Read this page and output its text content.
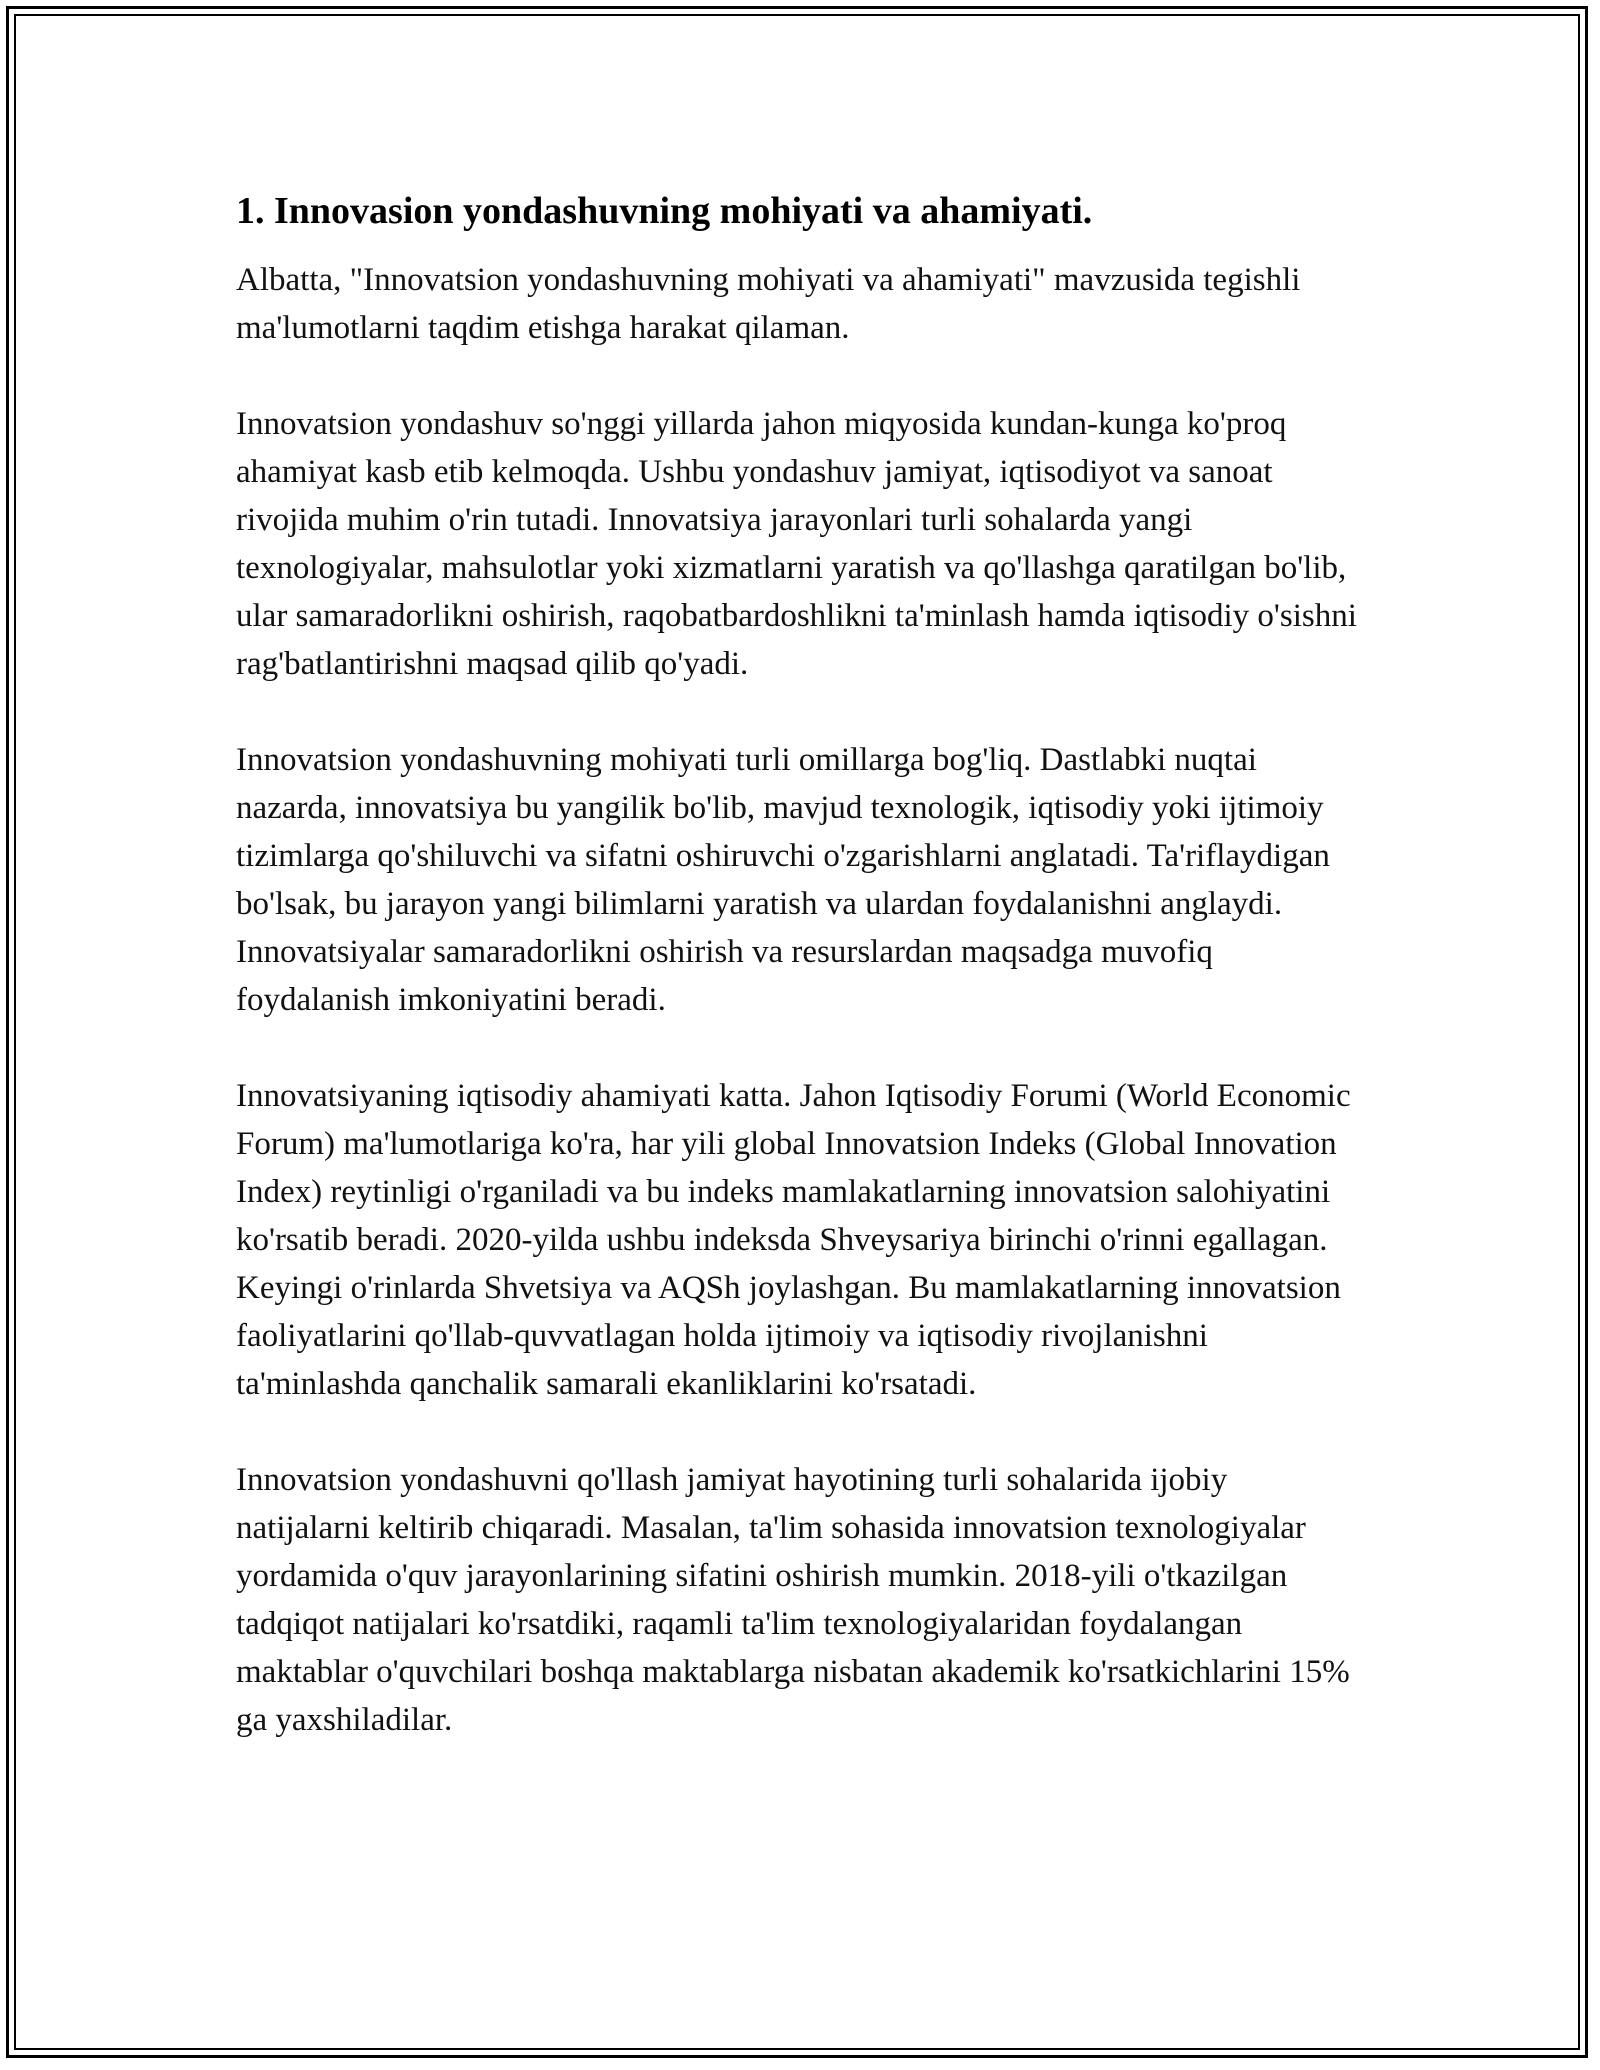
1. Innovasion yondashuvning mohiyati va ahamiyati.

Albatta, "Innovatsion yondashuvning mohiyati va ahamiyati" mavzusida tegishli ma'lumotlarni taqdim etishga harakat qilaman.

Innovatsion yondashuv so'nggi yillarda jahon miqyosida kundan-kunga ko'proq ahamiyat kasb etib kelmoqda. Ushbu yondashuv jamiyat, iqtisodiyot va sanoat rivojida muhim o'rin tutadi. Innovatsiya jarayonlari turli sohalarda yangi texnologiyalar, mahsulotlar yoki xizmatlarni yaratish va qo'llashga qaratilgan bo'lib, ular samaradorlikni oshirish, raqobatbardoshlikni ta'minlash hamda iqtisodiy o'sishni rag'batlantirishni maqsad qilib qo'yadi.

Innovatsion yondashuvning mohiyati turli omillarga bog'liq. Dastlabki nuqtai nazarda, innovatsiya bu yangilik bo'lib, mavjud texnologik, iqtisodiy yoki ijtimoiy tizimlarga qo'shiluvchi va sifatni oshiruvchi o'zgarishlarni anglatadi. Ta'riflaydigan bo'lsak, bu jarayon yangi bilimlarni yaratish va ulardan foydalanishni anglaydi. Innovatsiyalar samaradorlikni oshirish va resurslardan maqsadga muvofiq foydalanish imkoniyatini beradi.

Innovatsiyaning iqtisodiy ahamiyati katta. Jahon Iqtisodiy Forumi (World Economic Forum) ma'lumotlariga ko'ra, har yili global Innovatsion Indeks (Global Innovation Index) reytinligi o'rganiladi va bu indeks mamlakatlarning innovatsion salohiyatini ko'rsatib beradi. 2020-yilda ushbu indeksda Shveysariya birinchi o'rinni egallagan. Keyingi o'rinlarda Shvetsiya va AQSh joylashgan. Bu mamlakatlarning innovatsion faoliyatlarini qo'llab-quvvatlagan holda ijtimoiy va iqtisodiy rivojlanishni ta'minlashda qanchalik samarali ekanliklarini ko'rsatadi.

Innovatsion yondashuvni qo'llash jamiyat hayotining turli sohalarida ijobiy natijalarni keltirib chiqaradi. Masalan, ta'lim sohasida innovatsion texnologiyalar yordamida o'quv jarayonlarining sifatini oshirish mumkin. 2018-yili o'tkazilgan tadqiqot natijalari ko'rsatdiki, raqamli ta'lim texnologiyalaridan foydalangan maktablar o'quvchilari boshqa maktablarga nisbatan akademik ko'rsatkichlarini 15% ga yaxshiladilar.
